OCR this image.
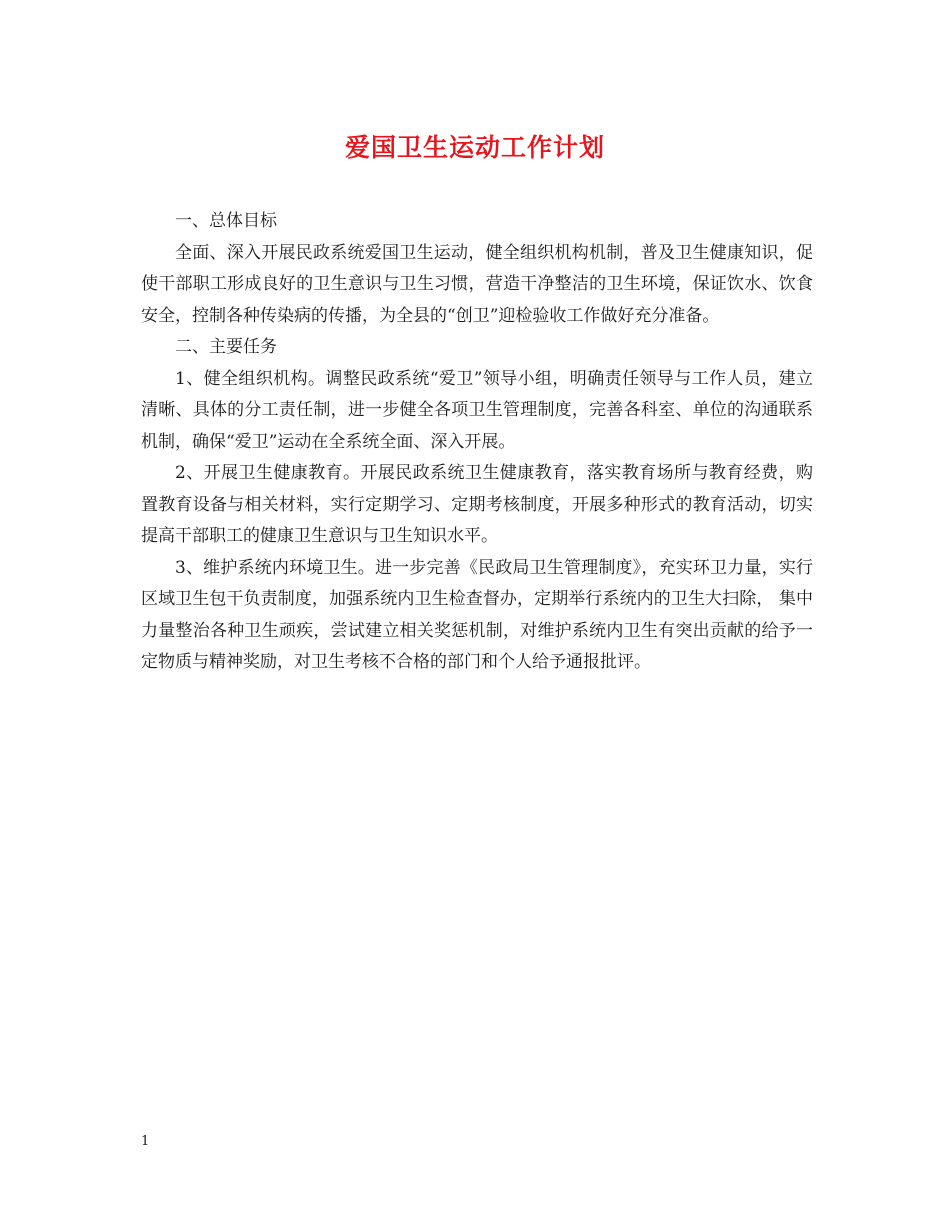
爱国卫生运动工作计划

一、总体目标

全面、深入开展民政系统爱国卫生运动，健全组织机构机制，普及卫生健康知识，促使干部职工形成良好的卫生意识与卫生习惯，营造干净整洁的卫生环境，保证饮水、饮食安全，控制各种传染病的传播，为全县的“创卫”迎检验收工作做好充分准备。

二、主要任务

1、健全组织机构。调整民政系统“爱卫”领导小组，明确责任领导与工作人员，建立清晰、具体的分工责任制，进一步健全各项卫生管理制度，完善各科室、单位的沟通联系机制，确保“爱卫”运动在全系统全面、深入开展。

2、开展卫生健康教育。开展民政系统卫生健康教育，落实教育场所与教育经费，购置教育设备与相关材料，实行定期学习、定期考核制度，开展多种形式的教育活动，切实提高干部职工的健康卫生意识与卫生知识水平。

3、维护系统内环境卫生。进一步完善《民政局卫生管理制度》，充实环卫力量，实行区域卫生包干负责制度，加强系统内卫生检查督办，定期举行系统内的卫生大扫除， 集中力量整治各种卫生顽疾，尝试建立相关奖惩机制，对维护系统内卫生有突出贡献的给予一定物质与精神奖励，对卫生考核不合格的部门和个人给予通报批评。

1
